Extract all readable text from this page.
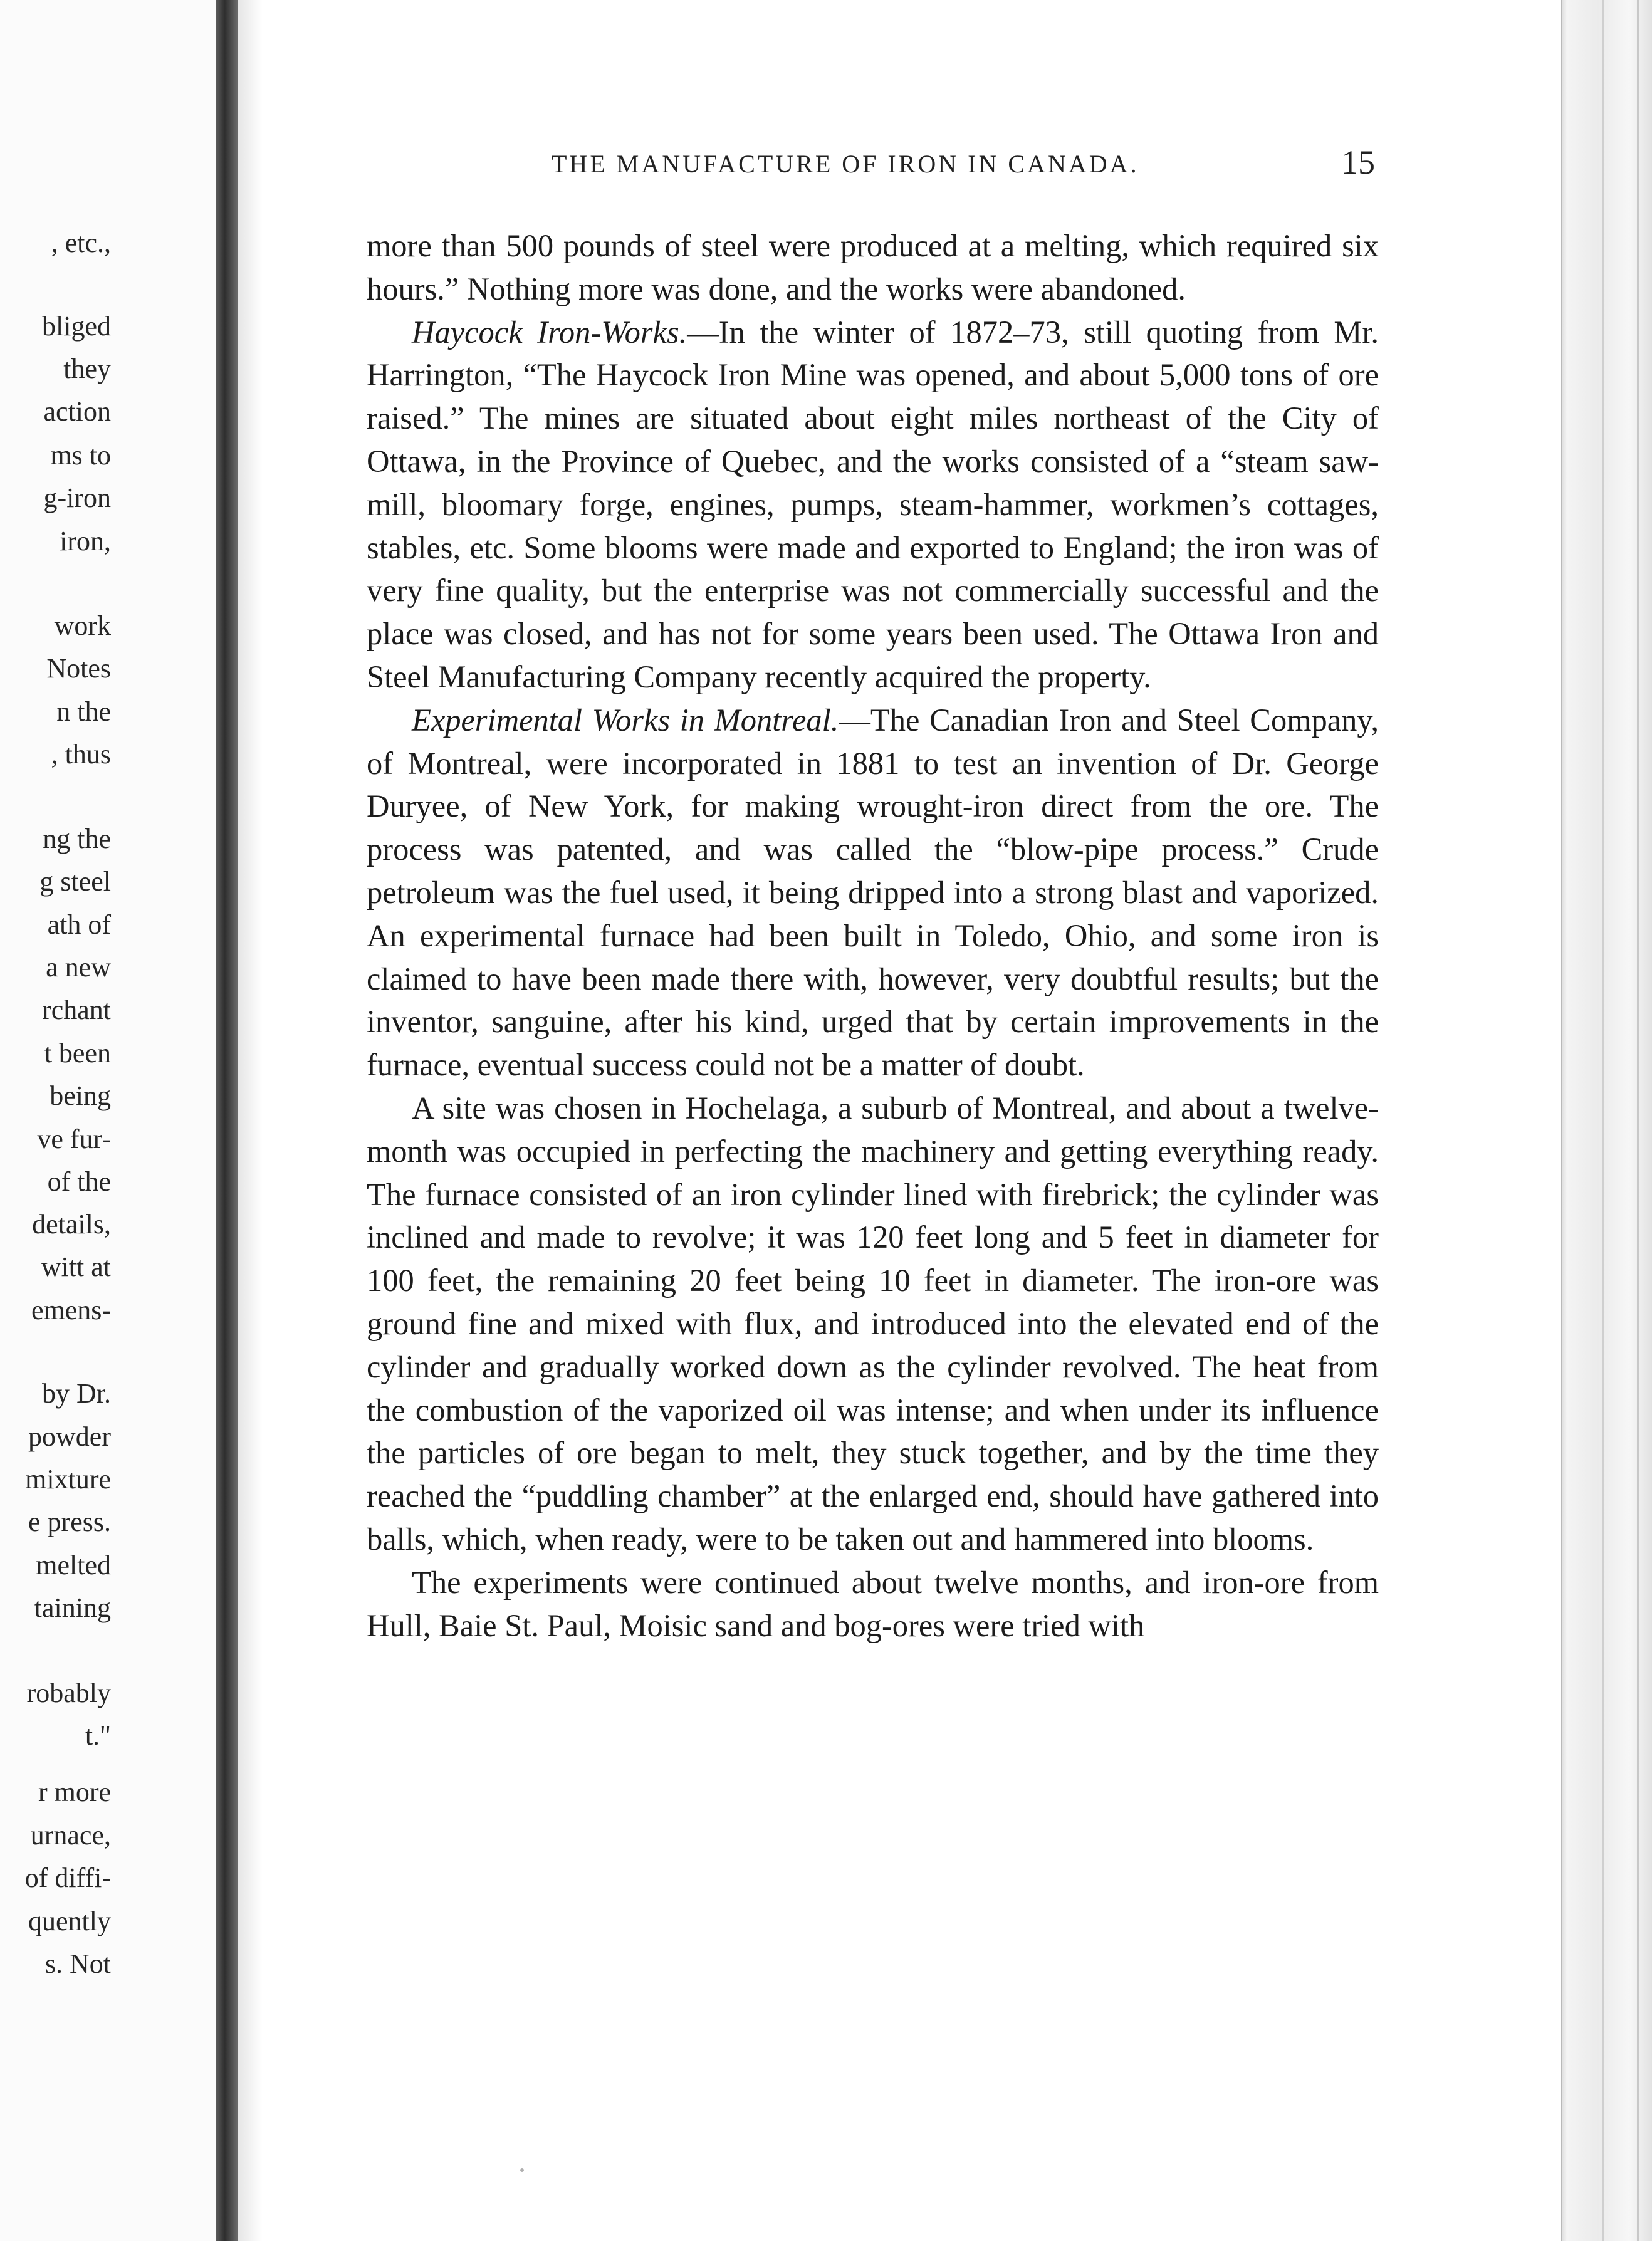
, etc.,
bliged
they
action
ms to
g-iron
iron,
work
Notes
n the
, thus
ng the
g steel
ath of
a new
rchant
t been
being
ve fur-
of the
details,
witt at
emens-
by Dr.
powder
mixture
e press.
melted
taining
robably
t."
r more
urnace,
of diffi-
quently
s. Not
THE MANUFACTURE OF IRON IN CANADA.	15

more than 500 pounds of steel were produced at a melting, which required six hours.” Nothing more was done, and the works were abandoned.

Haycock Iron-Works.—In the winter of 1872–73, still quoting from Mr. Harrington, “The Haycock Iron Mine was opened, and about 5,000 tons of ore raised.” The mines are situated about eight miles northeast of the City of Ottawa, in the Province of Quebec, and the works consisted of a “steam saw-mill, bloomary forge, engines, pumps, steam-hammer, workmen’s cottages, stables, etc. Some blooms were made and exported to England; the iron was of very fine quality, but the enterprise was not commercially successful and the place was closed, and has not for some years been used. The Ottawa Iron and Steel Manufacturing Company recently acquired the property.

Experimental Works in Montreal.—The Canadian Iron and Steel Company, of Montreal, were incorporated in 1881 to test an invention of Dr. George Duryee, of New York, for making wrought-iron direct from the ore. The process was patented, and was called the “blow-pipe process.” Crude petroleum was the fuel used, it being dripped into a strong blast and vaporized. An experimental furnace had been built in Toledo, Ohio, and some iron is claimed to have been made there with, however, very doubtful results; but the inventor, sanguine, after his kind, urged that by certain improvements in the furnace, eventual success could not be a matter of doubt.

A site was chosen in Hochelaga, a suburb of Montreal, and about a twelve-month was occupied in perfecting the machinery and getting everything ready. The furnace consisted of an iron cylinder lined with firebrick; the cylinder was inclined and made to revolve; it was 120 feet long and 5 feet in diameter for 100 feet, the remaining 20 feet being 10 feet in diameter. The iron-ore was ground fine and mixed with flux, and introduced into the elevated end of the cylinder and gradually worked down as the cylinder revolved. The heat from the combustion of the vaporized oil was intense; and when under its influence the particles of ore began to melt, they stuck together, and by the time they reached the “puddling chamber” at the enlarged end, should have gathered into balls, which, when ready, were to be taken out and hammered into blooms.

The experiments were continued about twelve months, and iron-ore from Hull, Baie St. Paul, Moisic sand and bog-ores were tried with
